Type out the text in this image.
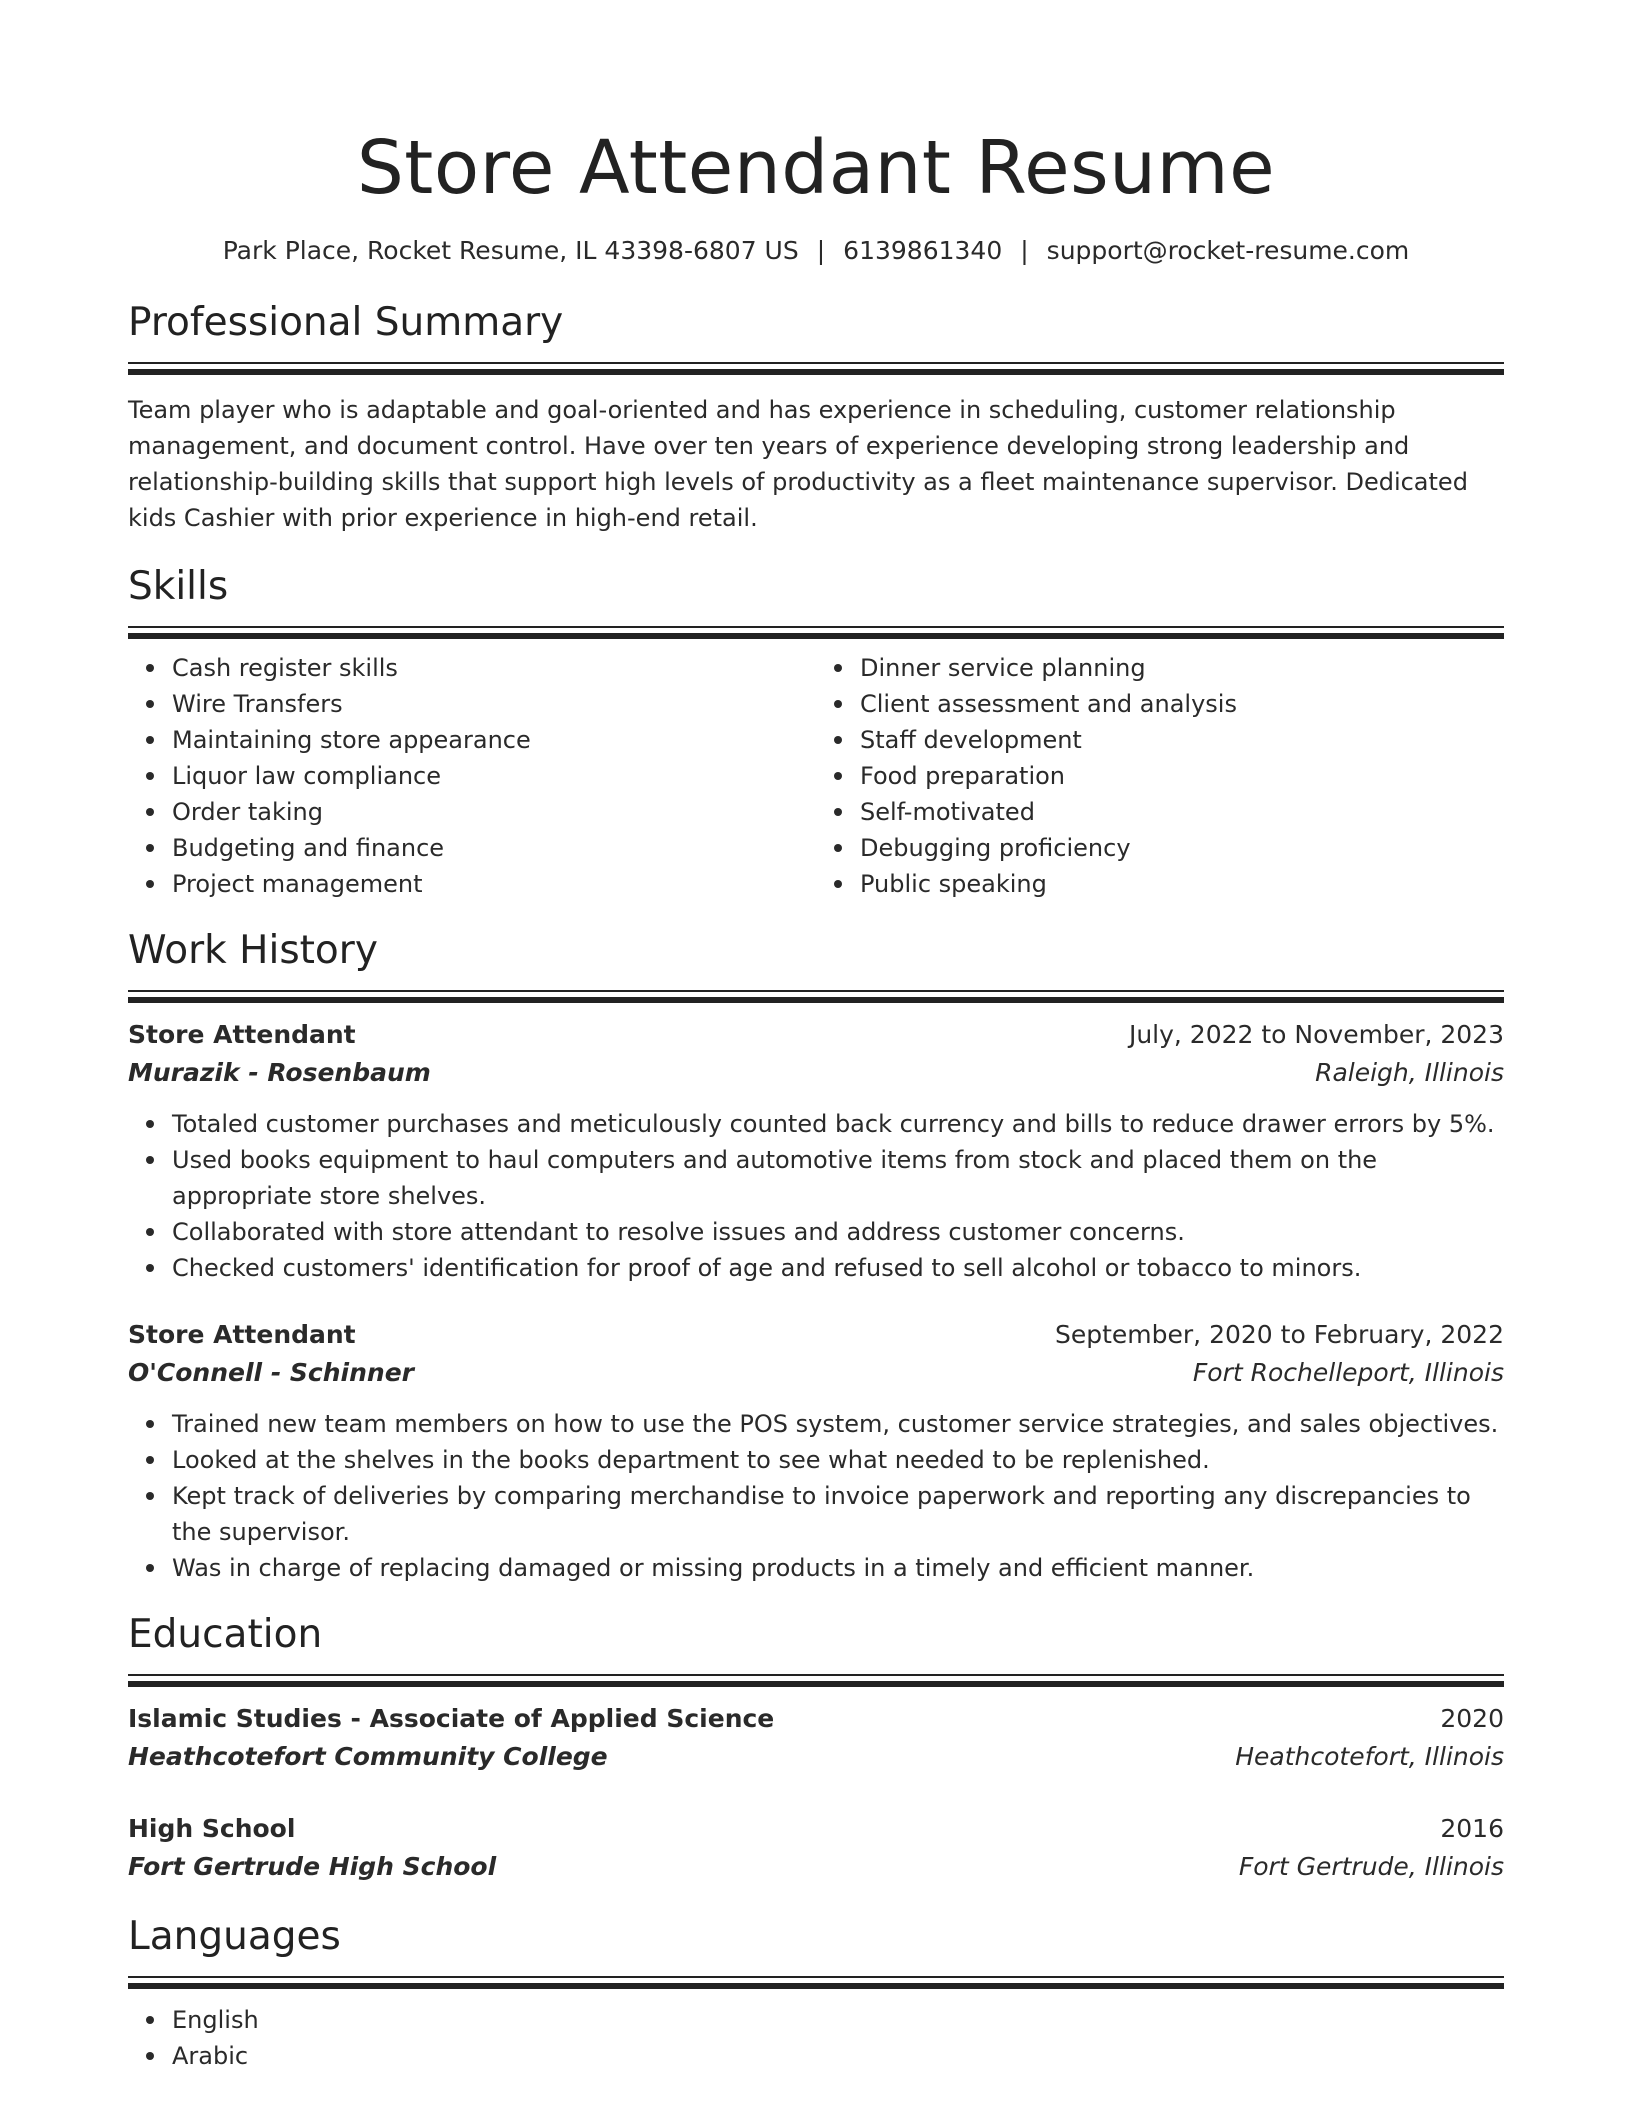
Store Attendant Resume
Park Place, Rocket Resume, IL 43398-6807 US | 6139861340 | support@rocket-resume.com
Professional Summary
Team player who is adaptable and goal-oriented and has experience in scheduling, customer relationship management, and document control. Have over ten years of experience developing strong leadership and relationship-building skills that support high levels of productivity as a fleet maintenance supervisor. Dedicated kids Cashier with prior experience in high-end retail.
Skills
Cash register skills
Wire Transfers
Maintaining store appearance
Liquor law compliance
Order taking
Budgeting and finance
Project management
Dinner service planning
Client assessment and analysis
Staff development
Food preparation
Self-motivated
Debugging proficiency
Public speaking
Work History
Store Attendant	July, 2022 to November, 2023
Murazik - Rosenbaum	Raleigh, Illinois
Totaled customer purchases and meticulously counted back currency and bills to reduce drawer errors by 5%.
Used books equipment to haul computers and automotive items from stock and placed them on the appropriate store shelves.
Collaborated with store attendant to resolve issues and address customer concerns.
Checked customers' identification for proof of age and refused to sell alcohol or tobacco to minors.
Store Attendant	September, 2020 to February, 2022
O'Connell - Schinner	Fort Rochelleport, Illinois
Trained new team members on how to use the POS system, customer service strategies, and sales objectives.
Looked at the shelves in the books department to see what needed to be replenished.
Kept track of deliveries by comparing merchandise to invoice paperwork and reporting any discrepancies to the supervisor.
Was in charge of replacing damaged or missing products in a timely and efficient manner.
Education
Islamic Studies - Associate of Applied Science	2020
Heathcotefort Community College	Heathcotefort, Illinois
High School	2016
Fort Gertrude High School	Fort Gertrude, Illinois
Languages
English
Arabic
